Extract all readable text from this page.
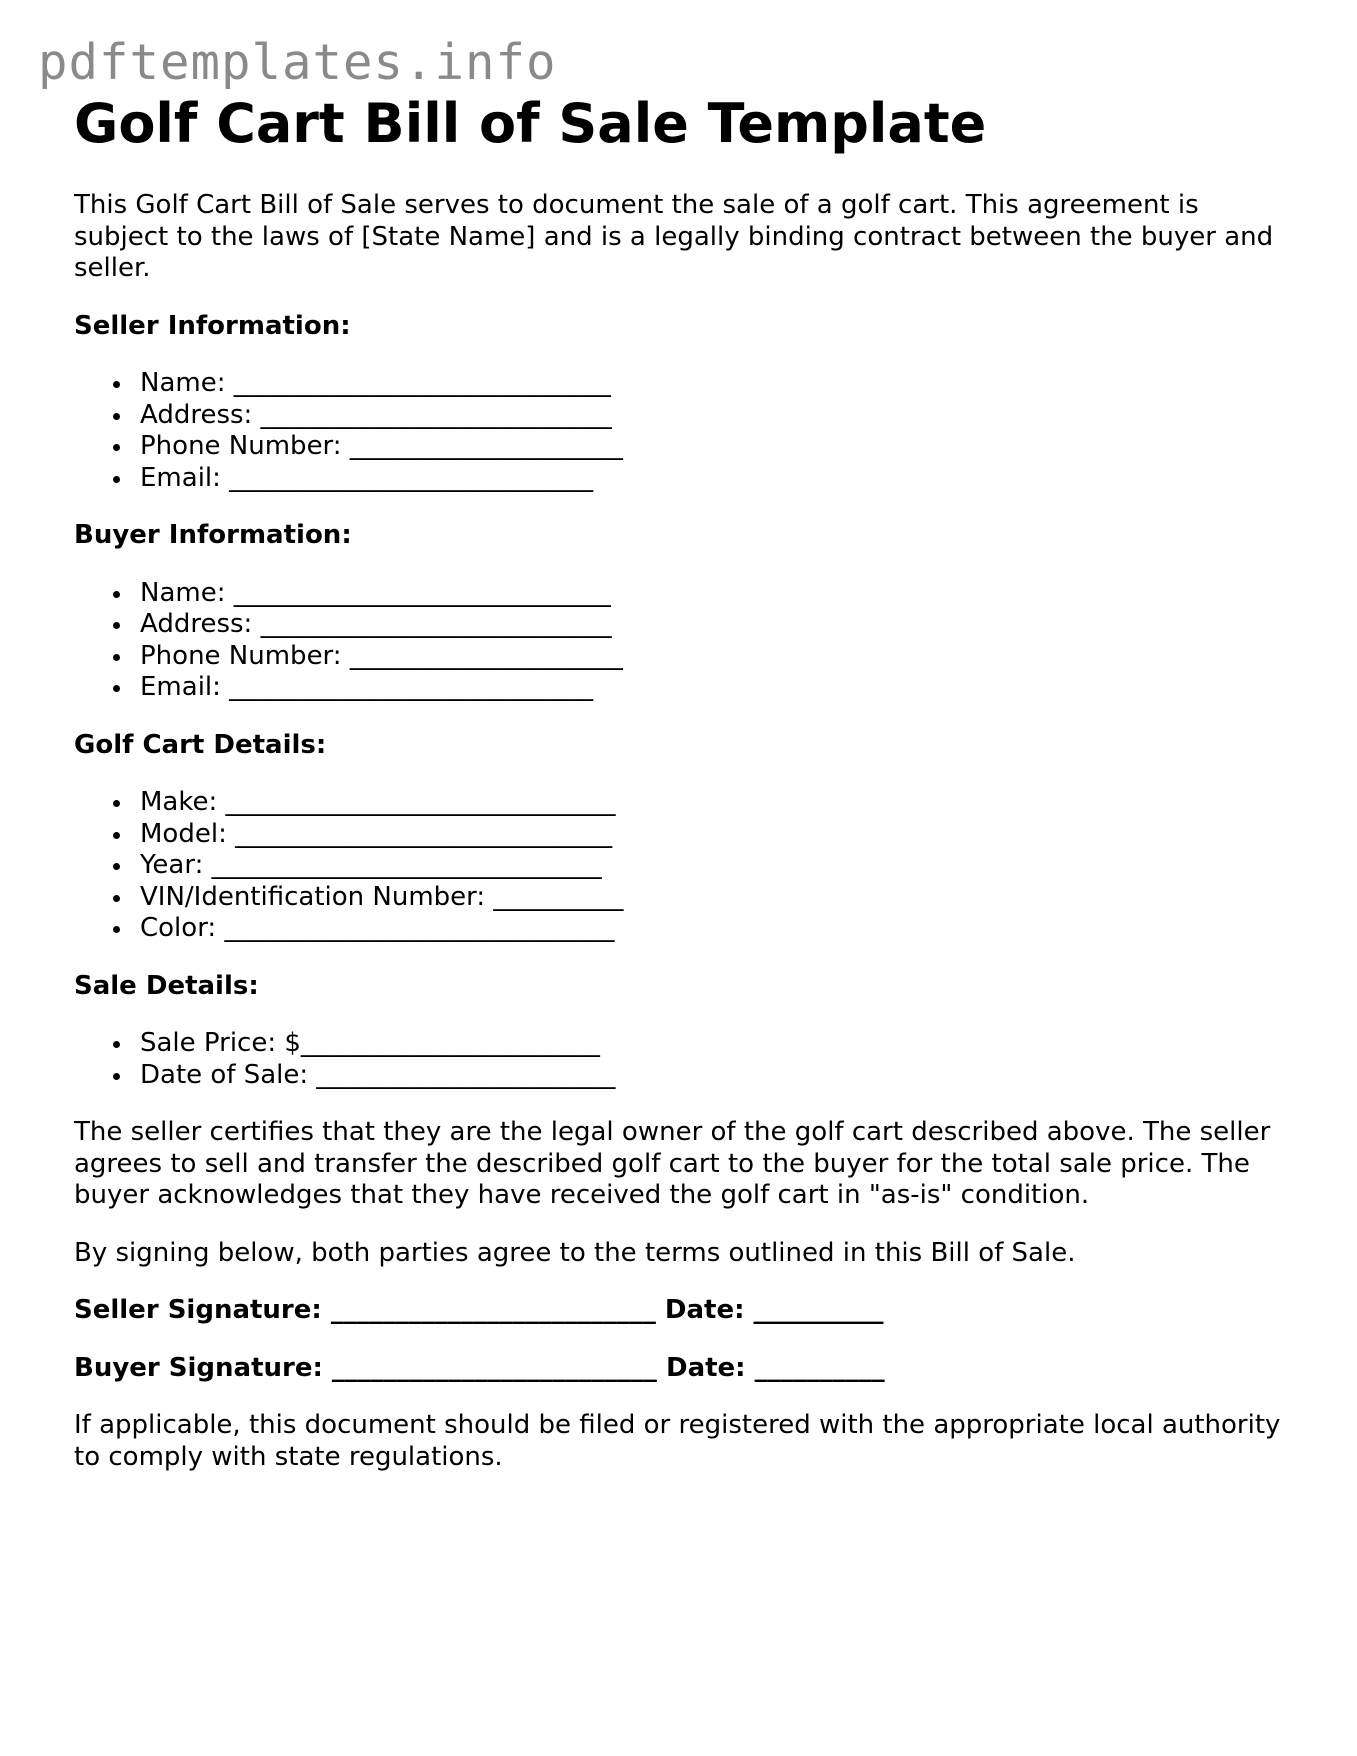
pdftemplates.info
Golf Cart Bill of Sale Template

This Golf Cart Bill of Sale serves to document the sale of a golf cart. This agreement is subject to the laws of [State Name] and is a legally binding contract between the buyer and seller.

Seller Information:

Name: _____________________________
Address: ___________________________
Phone Number: _____________________
Email: ____________________________

Buyer Information:

Name: _____________________________
Address: ___________________________
Phone Number: _____________________
Email: ____________________________

Golf Cart Details:

Make: ______________________________
Model: _____________________________
Year: ______________________________
VIN/Identification Number: __________
Color: ______________________________

Sale Details:

Sale Price: $_______________________
Date of Sale: _______________________

The seller certifies that they are the legal owner of the golf cart described above. The seller agrees to sell and transfer the described golf cart to the buyer for the total sale price. The buyer acknowledges that they have received the golf cart in "as-is" condition.

By signing below, both parties agree to the terms outlined in this Bill of Sale.

Seller Signature: _________________________ Date: __________

Buyer Signature: _________________________ Date: __________

If applicable, this document should be filed or registered with the appropriate local authority to comply with state regulations.
